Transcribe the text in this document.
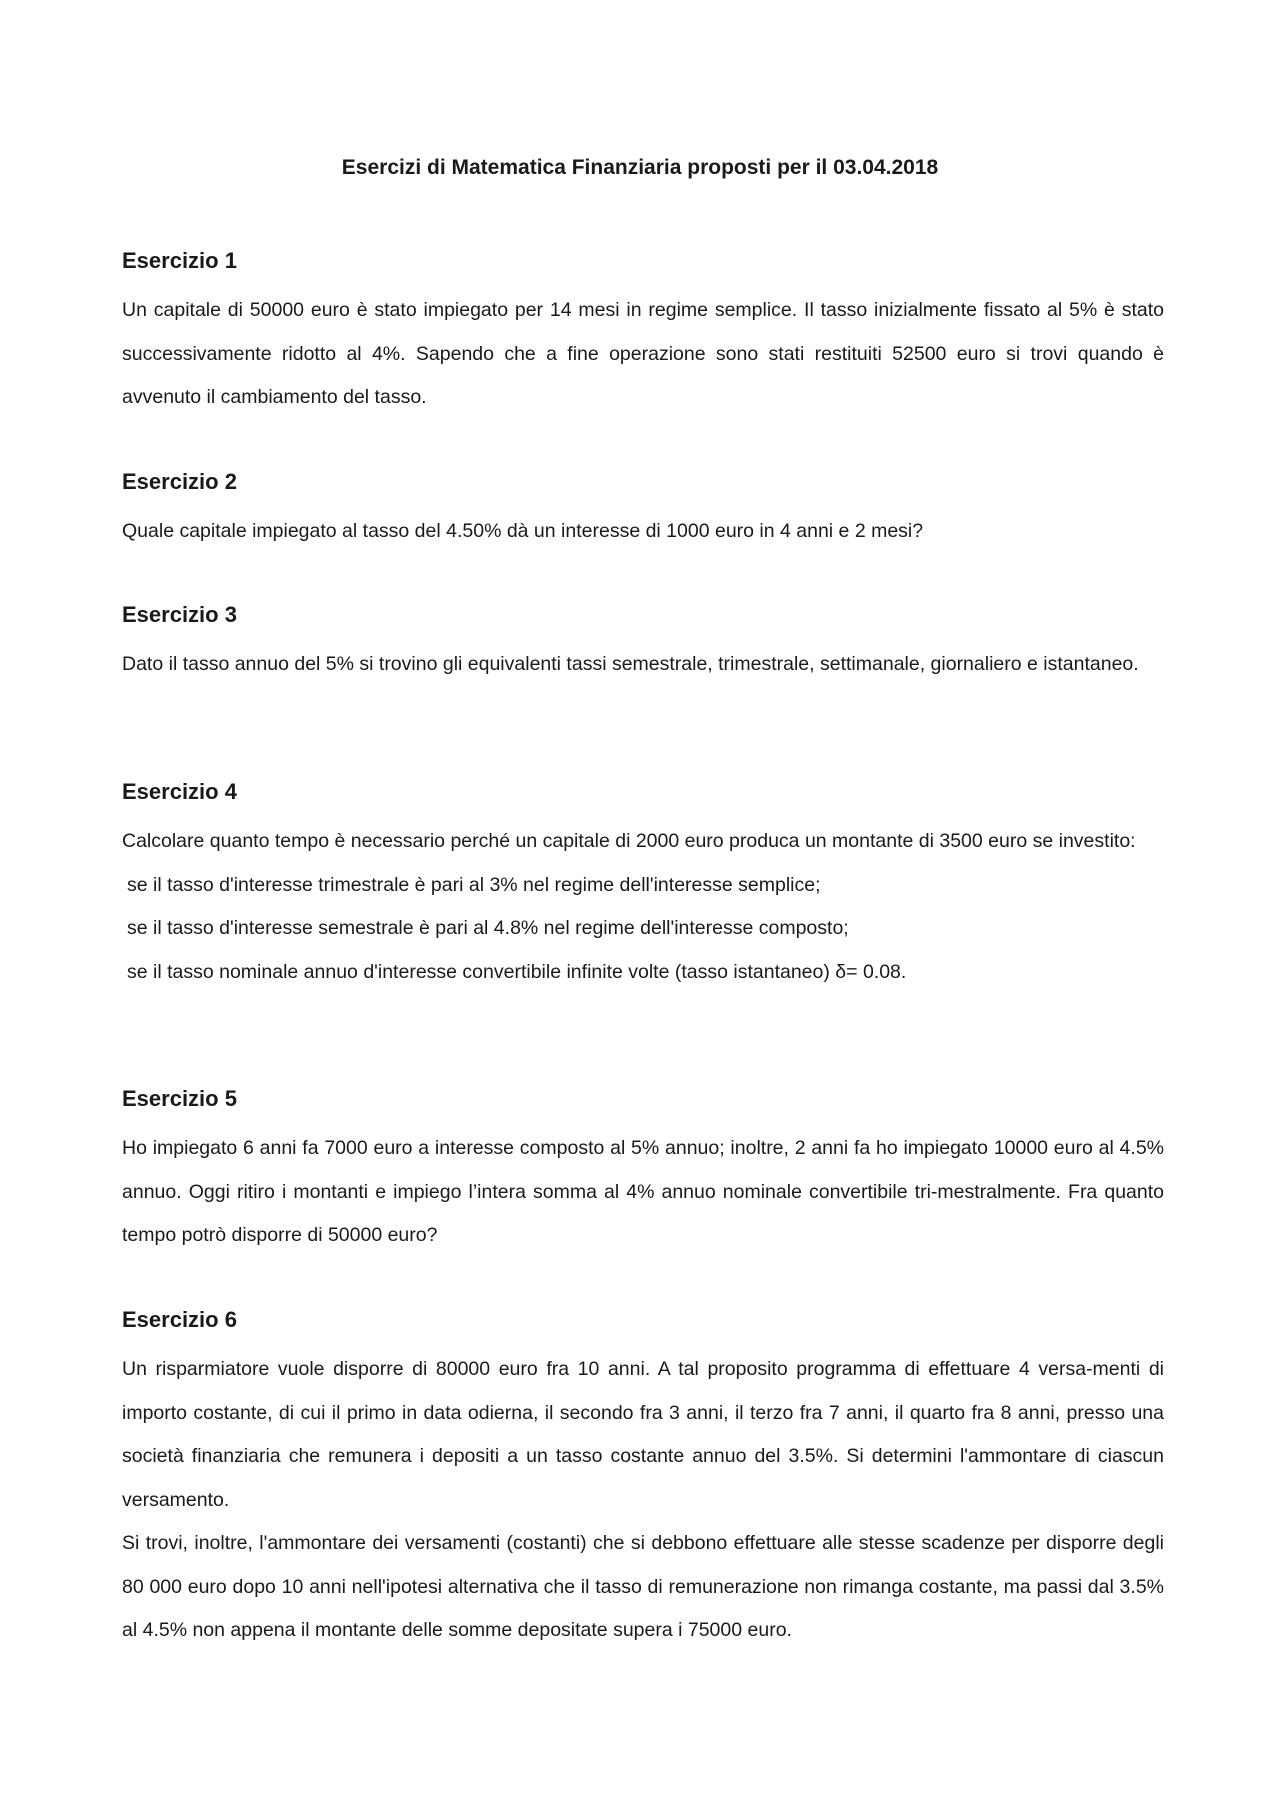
Esercizi di Matematica Finanziaria proposti per il 03.04.2018
Esercizio 1

Un capitale di 50000 euro è stato impiegato per 14 mesi in regime semplice. Il tasso inizialmente fissato al 5% è stato successivamente ridotto al 4%. Sapendo che a fine operazione sono stati restituiti 52500 euro si trovi quando è avvenuto il cambiamento del tasso.

Esercizio 2

Quale capitale impiegato al tasso del 4.50% dà un interesse di 1000 euro in 4 anni e 2 mesi?

Esercizio 3

Dato il tasso annuo del 5% si trovino gli equivalenti tassi semestrale, trimestrale, settimanale, giornaliero e istantaneo.

Esercizio 4

Calcolare quanto tempo è necessario perché un capitale di 2000 euro produca un montante di 3500 euro se investito:

se il tasso d'interesse trimestrale è pari al 3% nel regime dell'interesse semplice;

se il tasso d'interesse semestrale è pari al 4.8% nel regime dell'interesse composto;

se il tasso nominale annuo d'interesse convertibile infinite volte (tasso istantaneo) δ= 0.08.

Esercizio 5

Ho impiegato 6 anni fa 7000 euro a interesse composto al 5% annuo; inoltre, 2 anni fa ho impiegato 10000 euro al 4.5% annuo. Oggi ritiro i montanti e impiego l’intera somma al 4% annuo nominale convertibile tri-mestralmente. Fra quanto tempo potrò disporre di 50000 euro?

Esercizio 6

Un risparmiatore vuole disporre di 80000 euro fra 10 anni. A tal proposito programma di effettuare 4 versa-menti di importo costante, di cui il primo in data odierna, il secondo fra 3 anni, il terzo fra 7 anni, il quarto fra 8 anni, presso una società finanziaria che remunera i depositi a un tasso costante annuo del 3.5%. Si determini l'ammontare di ciascun versamento.

Si trovi, inoltre, l'ammontare dei versamenti (costanti) che si debbono effettuare alle stesse scadenze per disporre degli 80 000 euro dopo 10 anni nell'ipotesi alternativa che il tasso di remunerazione non rimanga costante, ma passi dal 3.5% al 4.5% non appena il montante delle somme depositate supera i 75000 euro.
